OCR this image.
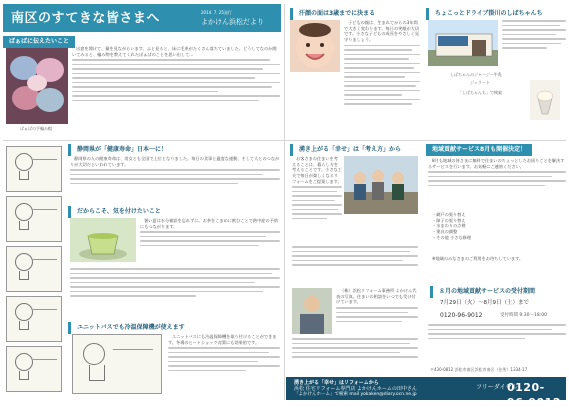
南区のすてきな皆さまへ	2014. 7. 25発行
よかけん浜松だより
ばぁばに伝えたいこと
ばぁばの手編み帽

出窓を開けて、猫を見ながらいます。ふと見ると、床に毛糸がたくさん落ちていました。どうしてなのか聞いてみると、編み物を教えてくれたばぁばのことを思い出して…

汗顔の面は3歳までに決まる

子どもの顔は、生まれてからの3年間で大きく変わります。毎日の笑顔が大切です。小さな子どもの成長をやさしく見守りましょう。

ちょこっとドライブ掛川のしばちゃんち
しばちゃんのジャージー牛乳
ジェラート
「しばちゃんち」で検索
静岡県が「健康寿命」日本一に！

静岡県の人の健康寿命は、男女とも全国で上位となりました。毎日の食事と適度な運動、そして人とのつながりが大切だといわれています。

だからこそ、気を付けたいこと

暑い夏は水分補給を忘れずに。お茶をこまめに飲むことで熱中症の予防にもつながります。

ユニットバスでも冷温保障機が使えます

ユニットバスにも冷温保障機を取り付けることができます。冬場のヒートショック対策にも効果的です。

湧き上がる「幸せ」は「考え方」から

お客さまの住まいを考えることは、暮らし方を考えることです。小さな工夫で毎日が楽しくなるリフォームをご提案します。

（株）浜松リフォーム事務所 よかけん代表の写真。住まいの相談をいつでも受け付けています。

地域貢献サービス8月も開催決定！

8月も地域の皆さまに無料で住まいのちょっとしたお困りごとを解決するサービスを行います。お気軽にご連絡ください。

・網戸の張り替え
・障子の張り替え
・水まわりの点検
・建具の調整
・その他 小さな修理

※地域のみなさまのご利用をお待ちしています。

８月の地域貢献サービスの受付期間
7月29日（火）～8月9日（土）まで
0120-96-9012	受付時間 9:30～18:00
〒430-0812 浜松市南区浜松市南区（住所）1334-17
湧き上がる「幸せ」はリフォームから
浜松 住宅リフォーム専門店 よかけんホームの田中さん
「よかけんホーム」で検索 mail yokaken@diary.ocn.ne.jp
フリーダイヤル
0120-96-9012
